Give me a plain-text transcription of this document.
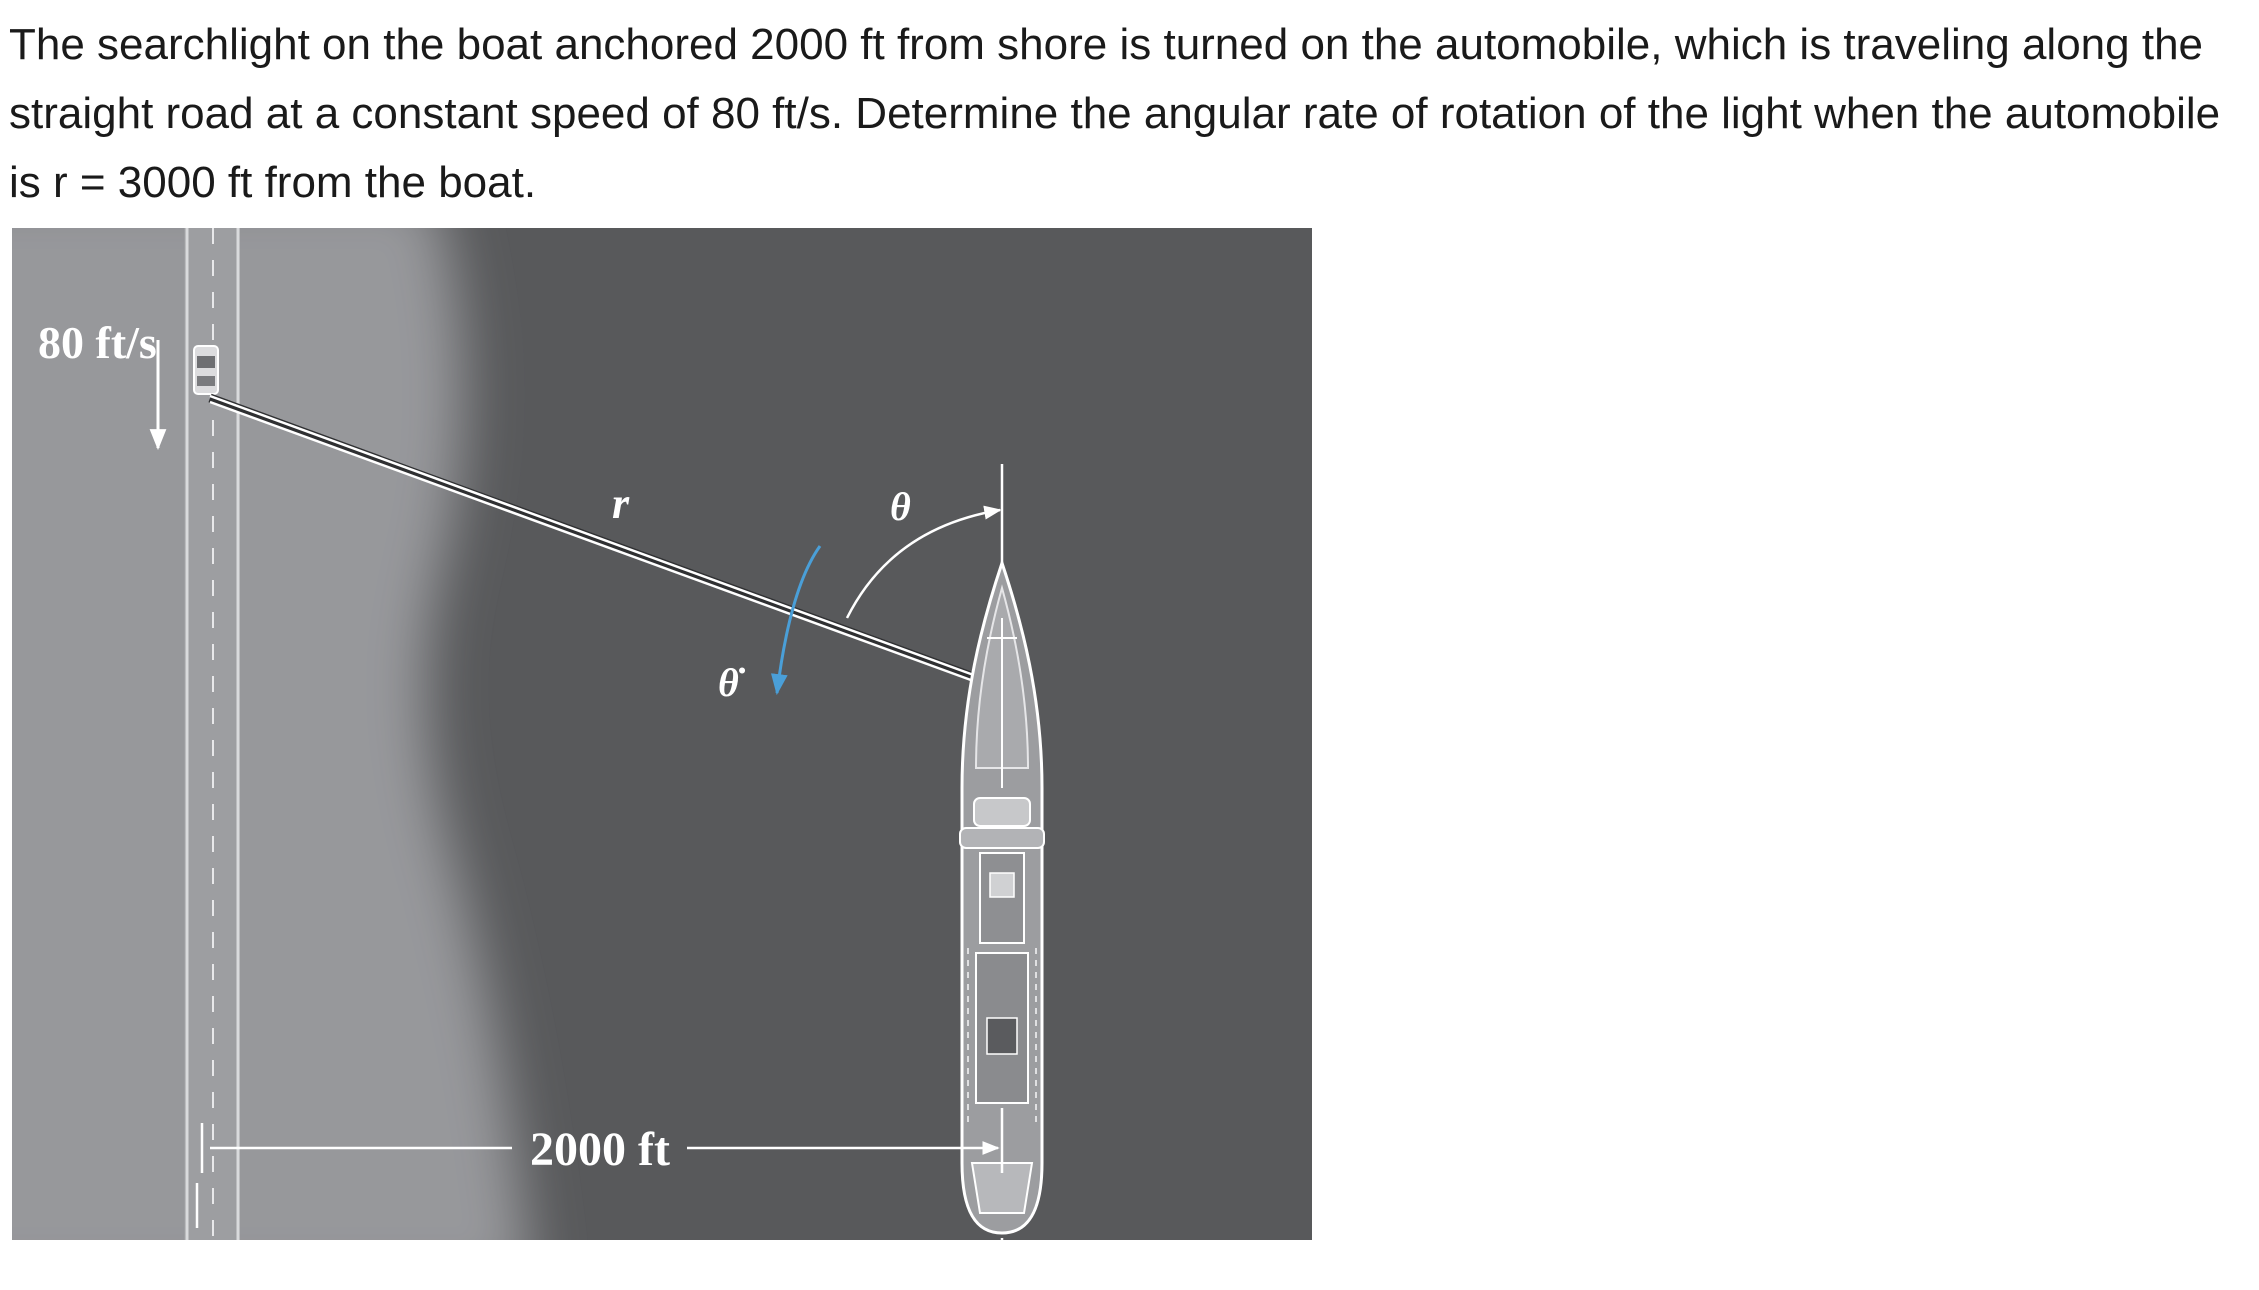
The searchlight on the boat anchored 2000 ft from shore is turned on the automobile, which is traveling along the straight road at a constant speed of 80 ft/s. Determine the angular rate of rotation of the light when the automobile is r = 3000 ft from the boat.

80 ft/s
r	θ
θ̇
2000 ft
